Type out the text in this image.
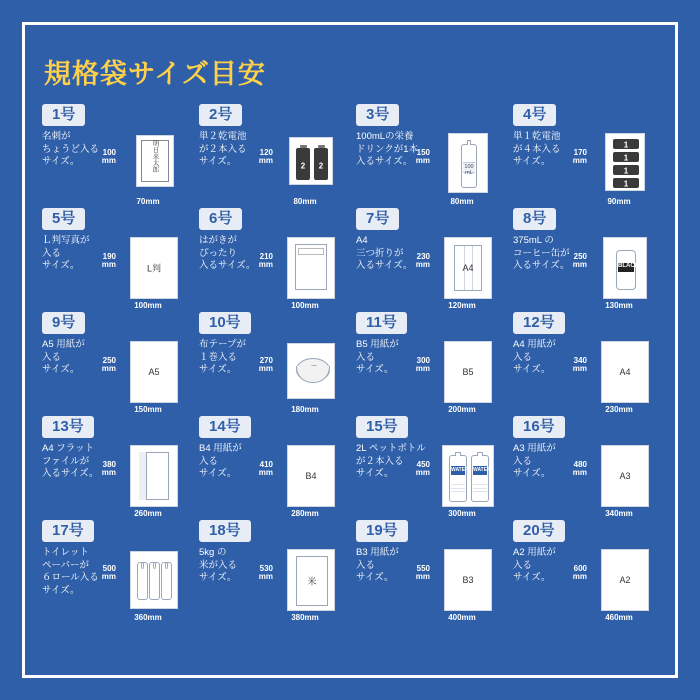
規格袋サイズ目安
1号
名刺が
ちょうど入る
サイズ。	明日来太郎
100
mm
70mm
2号
単２乾電池
が２本入る
サイズ。	2	2
120
mm
80mm
3号
100mLの栄養
ドリンクが1本
入るサイズ。	100
mL
150
mm
80mm
4号
単１乾電池
が４本入る
サイズ。
1
1
1
1
170
mm
90mm
5号
Ｌ判写真が
入る
サイズ。	L判
190
mm
100mm
6号
はがきが
ぴったり
入るサイズ。
210
mm
100mm
7号
A4
三つ折りが
入るサイズ。	A4
230
mm
120mm
8号
375mL の
コーヒー缶が
入るサイズ。	BLACK
250
mm
130mm
9号
A5 用紙が
入る
サイズ。	A5
250
mm
150mm
10号
布テープが
１巻入る
サイズ。
270
mm
180mm
11号
B5 用紙が
入る
サイズ。	B5
300
mm
200mm
12号
A4 用紙が
入る
サイズ。	A4
340
mm
230mm
13号
A4 フラット
ファイルが
入るサイズ。
380
mm
260mm
14号
B4 用紙が
入る
サイズ。	B4
410
mm
280mm
15号
2L ペットボトル
が２本入る
サイズ。	WATER WATER
450
mm
300mm
16号
A3 用紙が
入る
サイズ。	A3
480
mm
340mm
17号
トイレット
ペーパーが
６ロール入る
サイズ。
500
mm
360mm
18号
5kg の
米が入る
サイズ。	米
530
mm
380mm
19号
B3 用紙が
入る
サイズ。	B3
550
mm
400mm
20号
A2 用紙が
入る
サイズ。	A2
600
mm
460mm
